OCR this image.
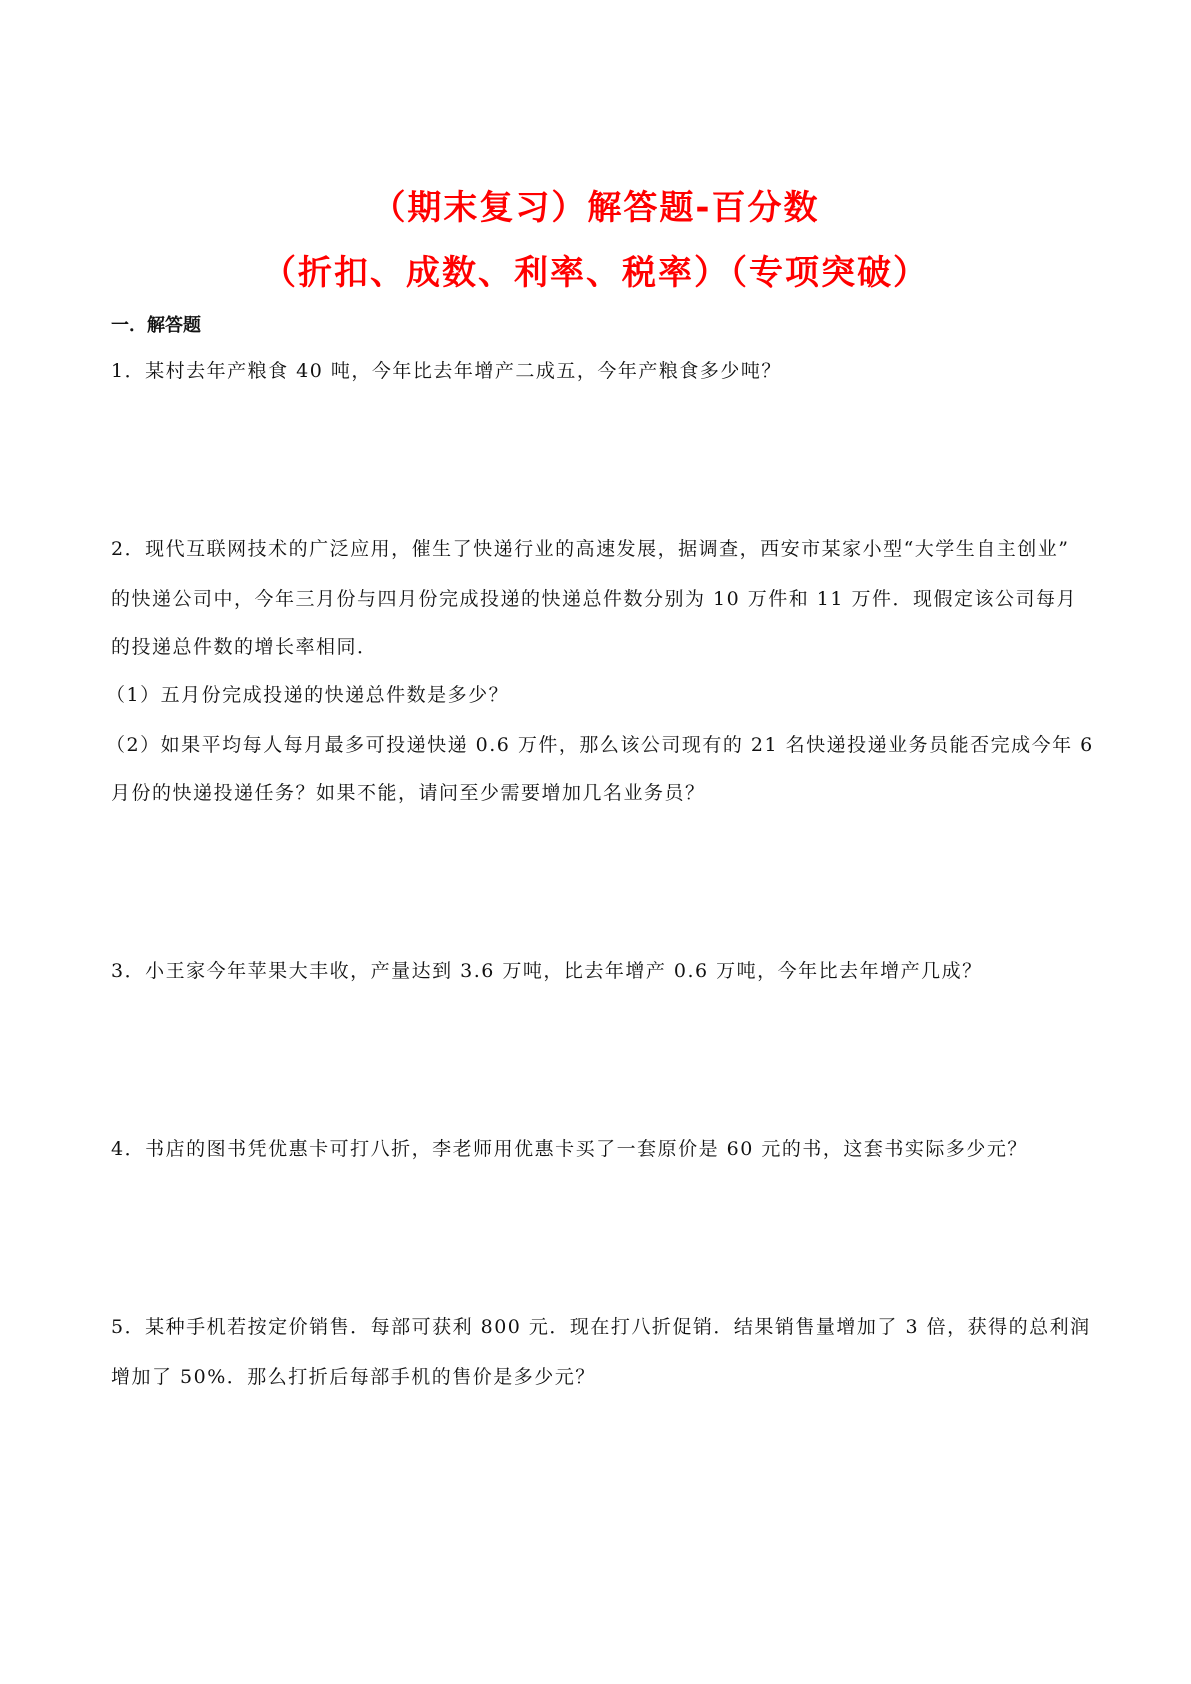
（期末复习）解答题-百分数
（折扣、成数、利率、税率）（专项突破）
一．解答题
1．某村去年产粮食 40 吨，今年比去年增产二成五，今年产粮食多少吨？
2．现代互联网技术的广泛应用，催生了快递行业的高速发展，据调查，西安市某家小型“大学生自主创业”
的快递公司中，今年三月份与四月份完成投递的快递总件数分别为 10 万件和 11 万件．现假定该公司每月
的投递总件数的增长率相同．
（1）五月份完成投递的快递总件数是多少？
（2）如果平均每人每月最多可投递快递 0.6 万件，那么该公司现有的 21 名快递投递业务员能否完成今年 6
月份的快递投递任务？如果不能，请问至少需要增加几名业务员？
3．小王家今年苹果大丰收，产量达到 3.6 万吨，比去年增产 0.6 万吨，今年比去年增产几成？
4．书店的图书凭优惠卡可打八折，李老师用优惠卡买了一套原价是 60 元的书，这套书实际多少元？
5．某种手机若按定价销售．每部可获利 800 元．现在打八折促销．结果销售量增加了 3 倍，获得的总利润
增加了 50%．那么打折后每部手机的售价是多少元？
